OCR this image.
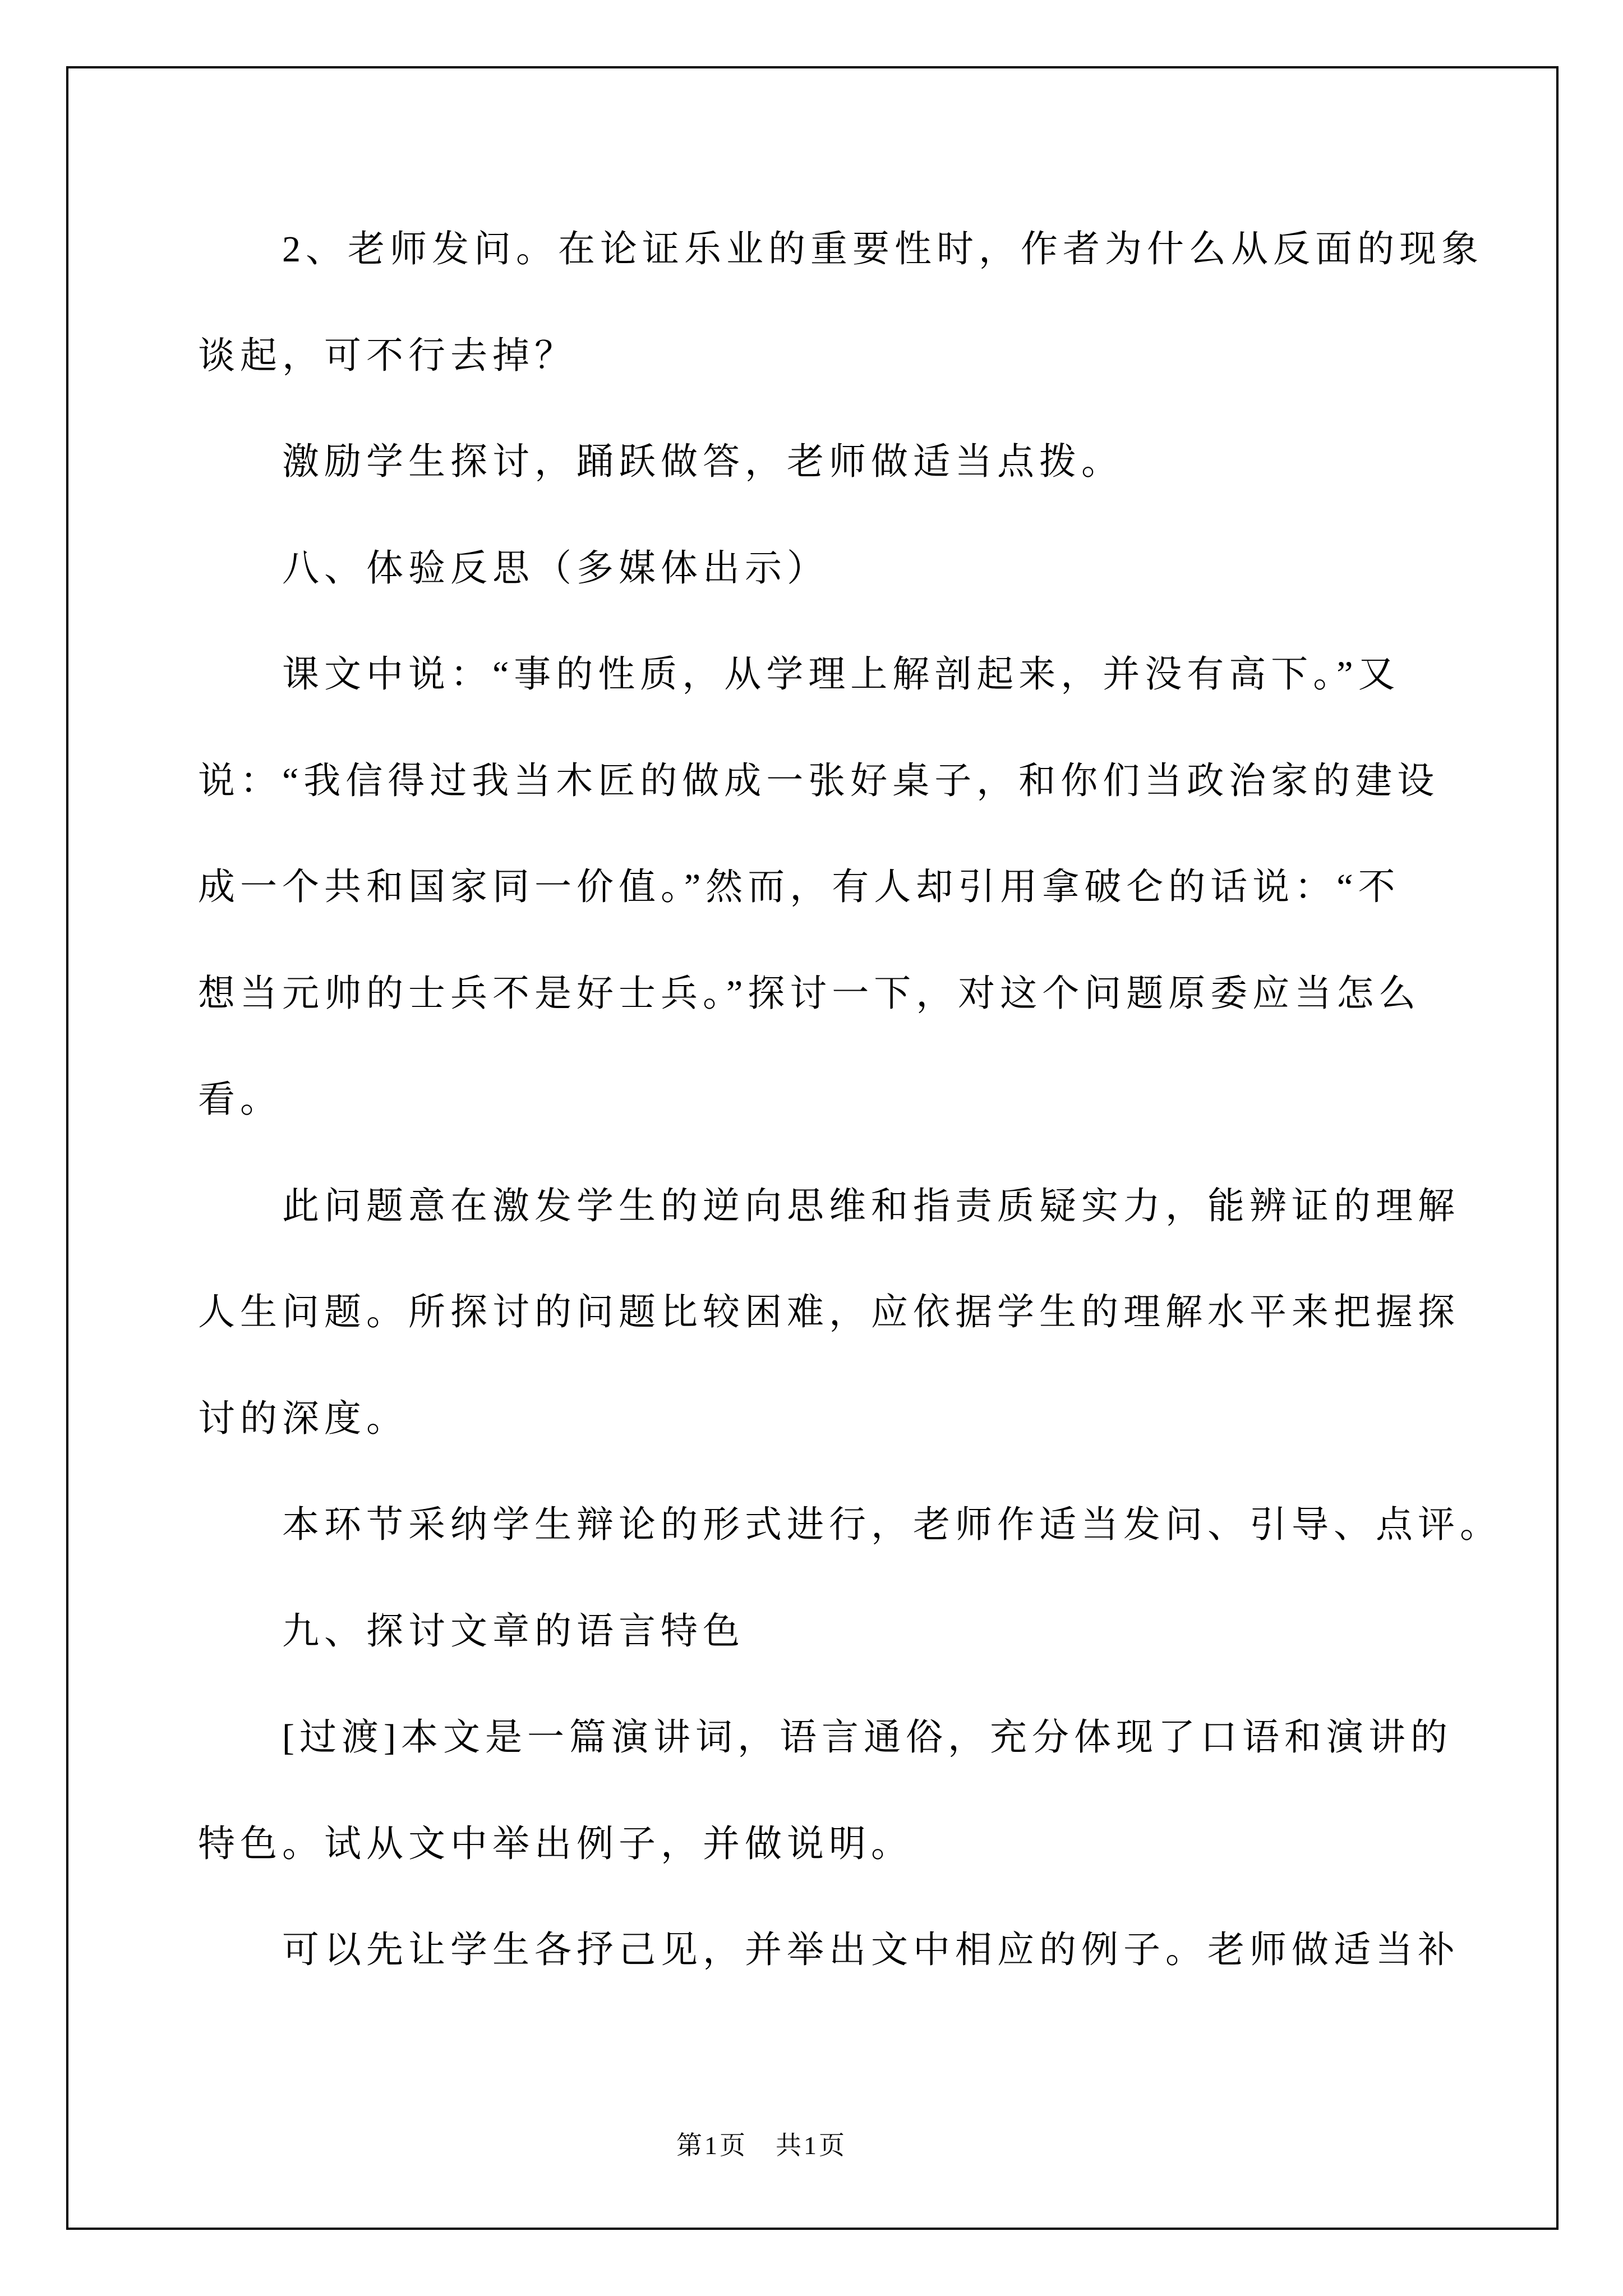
2、老师发问。在论证乐业的重要性时，作者为什么从反面的现象
谈起，可不行去掉？
激励学生探讨，踊跃做答，老师做适当点拨。
八、体验反思（多媒体出示）
课文中说：“事的性质，从学理上解剖起来，并没有高下。”又
说：“我信得过我当木匠的做成一张好桌子，和你们当政治家的建设
成一个共和国家同一价值。”然而，有人却引用拿破仑的话说：“不
想当元帅的士兵不是好士兵。”探讨一下，对这个问题原委应当怎么
看。
此问题意在激发学生的逆向思维和指责质疑实力，能辨证的理解
人生问题。所探讨的问题比较困难，应依据学生的理解水平来把握探
讨的深度。
本环节采纳学生辩论的形式进行，老师作适当发问、引导、点评。
九、探讨文章的语言特色
[过渡]本文是一篇演讲词，语言通俗，充分体现了口语和演讲的
特色。试从文中举出例子，并做说明。
可以先让学生各抒己见，并举出文中相应的例子。老师做适当补
第1页　共1页
